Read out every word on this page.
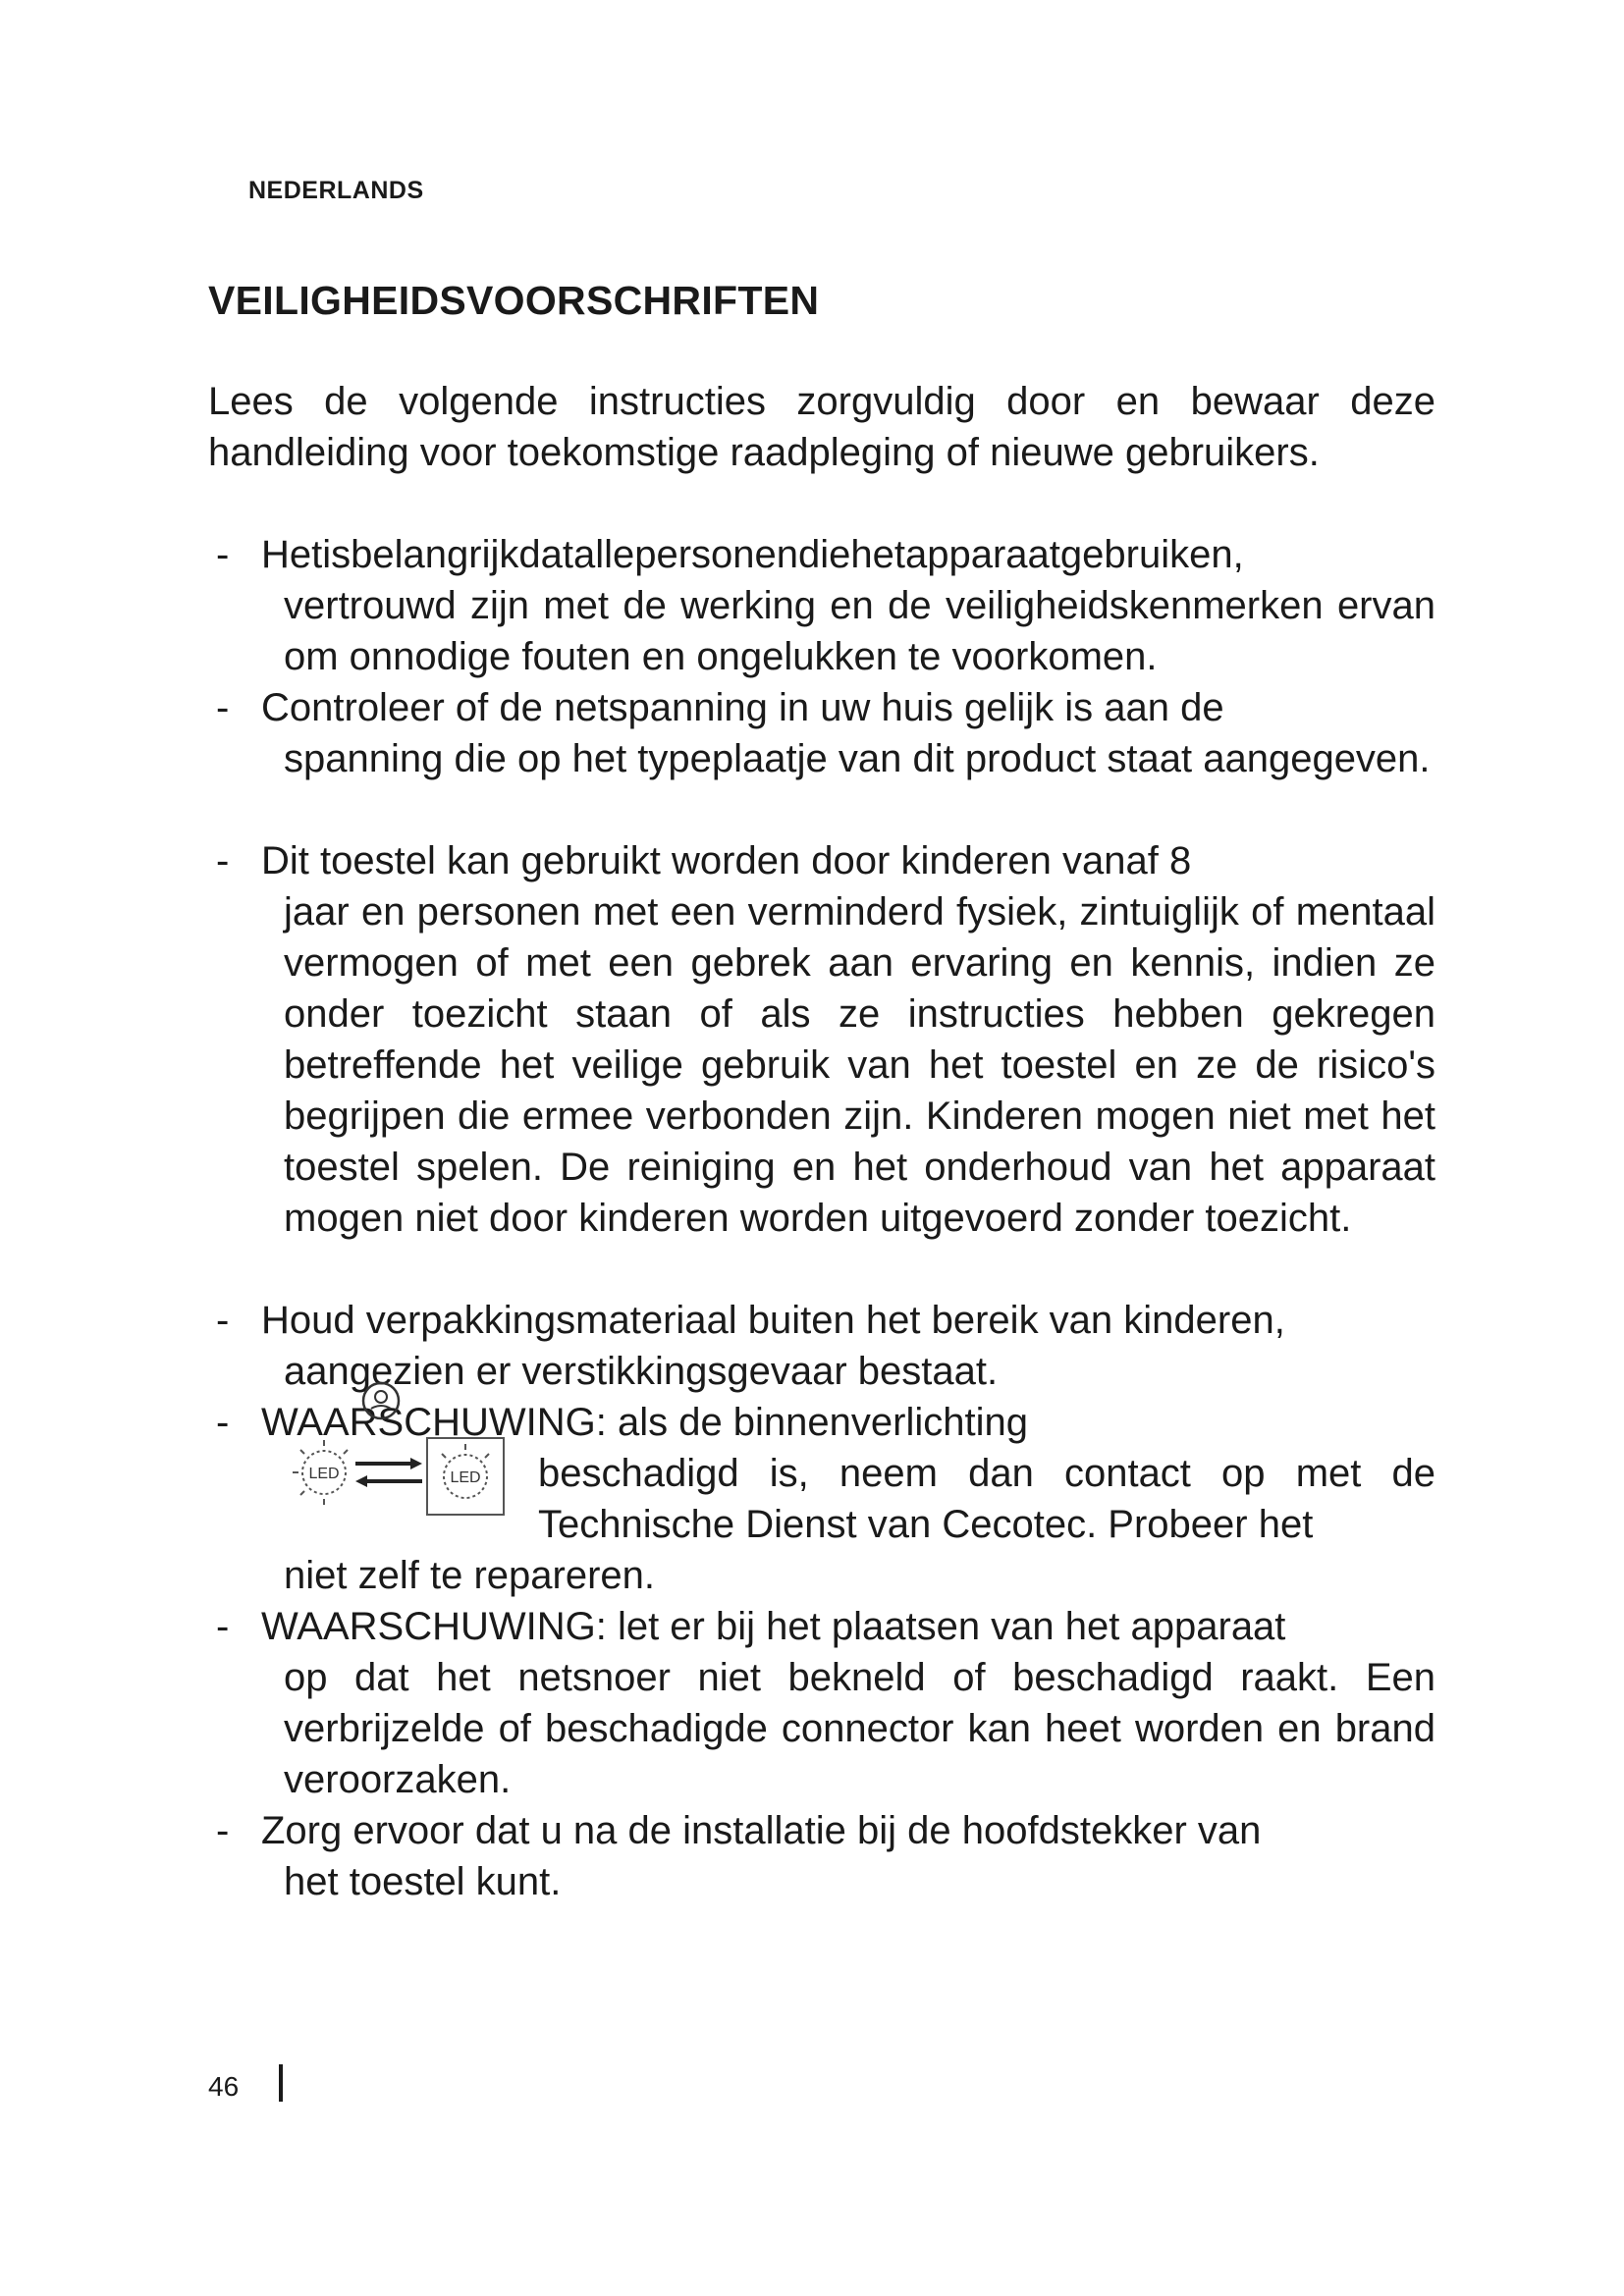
NEDERLANDS
VEILIGHEIDSVOORSCHRIFTEN
Lees de volgende instructies zorgvuldig door en bewaar deze handleiding voor toekomstige raadpleging of nieuwe gebruikers.
- Hetisbelangrijkdatallepersonendiehetapparaatgebruiken,
vertrouwd zijn met de werking en de veiligheidskenmerken ervan om onnodige fouten en ongelukken te voorkomen.
- Controleer of de netspanning in uw huis gelijk is aan de
spanning die op het typeplaatje van dit product staat aangegeven.
- Dit toestel kan gebruikt worden door kinderen vanaf 8
jaar en personen met een verminderd fysiek, zintuiglijk of mentaal vermogen of met een gebrek aan ervaring en kennis, indien ze onder toezicht staan of als ze instructies hebben gekregen betreffende het veilige gebruik van het toestel en ze de risico's begrijpen die ermee verbonden zijn. Kinderen mogen niet met het toestel spelen. De reiniging en het onderhoud van het apparaat mogen niet door kinderen worden uitgevoerd zonder toezicht.
- Houd verpakkingsmateriaal buiten het bereik van kinderen,
aangezien er verstikkingsgevaar bestaat.
- WAARSCHUWING: als de binnenverlichting
beschadigd is, neem dan contact op met de Technische Dienst van Cecotec. Probeer het
niet zelf te repareren.
LED	LED
- WAARSCHUWING: let er bij het plaatsen van het apparaat
op dat het netsnoer niet bekneld of beschadigd raakt. Een verbrijzelde of beschadigde connector kan heet worden en brand veroorzaken.
- Zorg ervoor dat u na de installatie bij de hoofdstekker van
het toestel kunt.
46
